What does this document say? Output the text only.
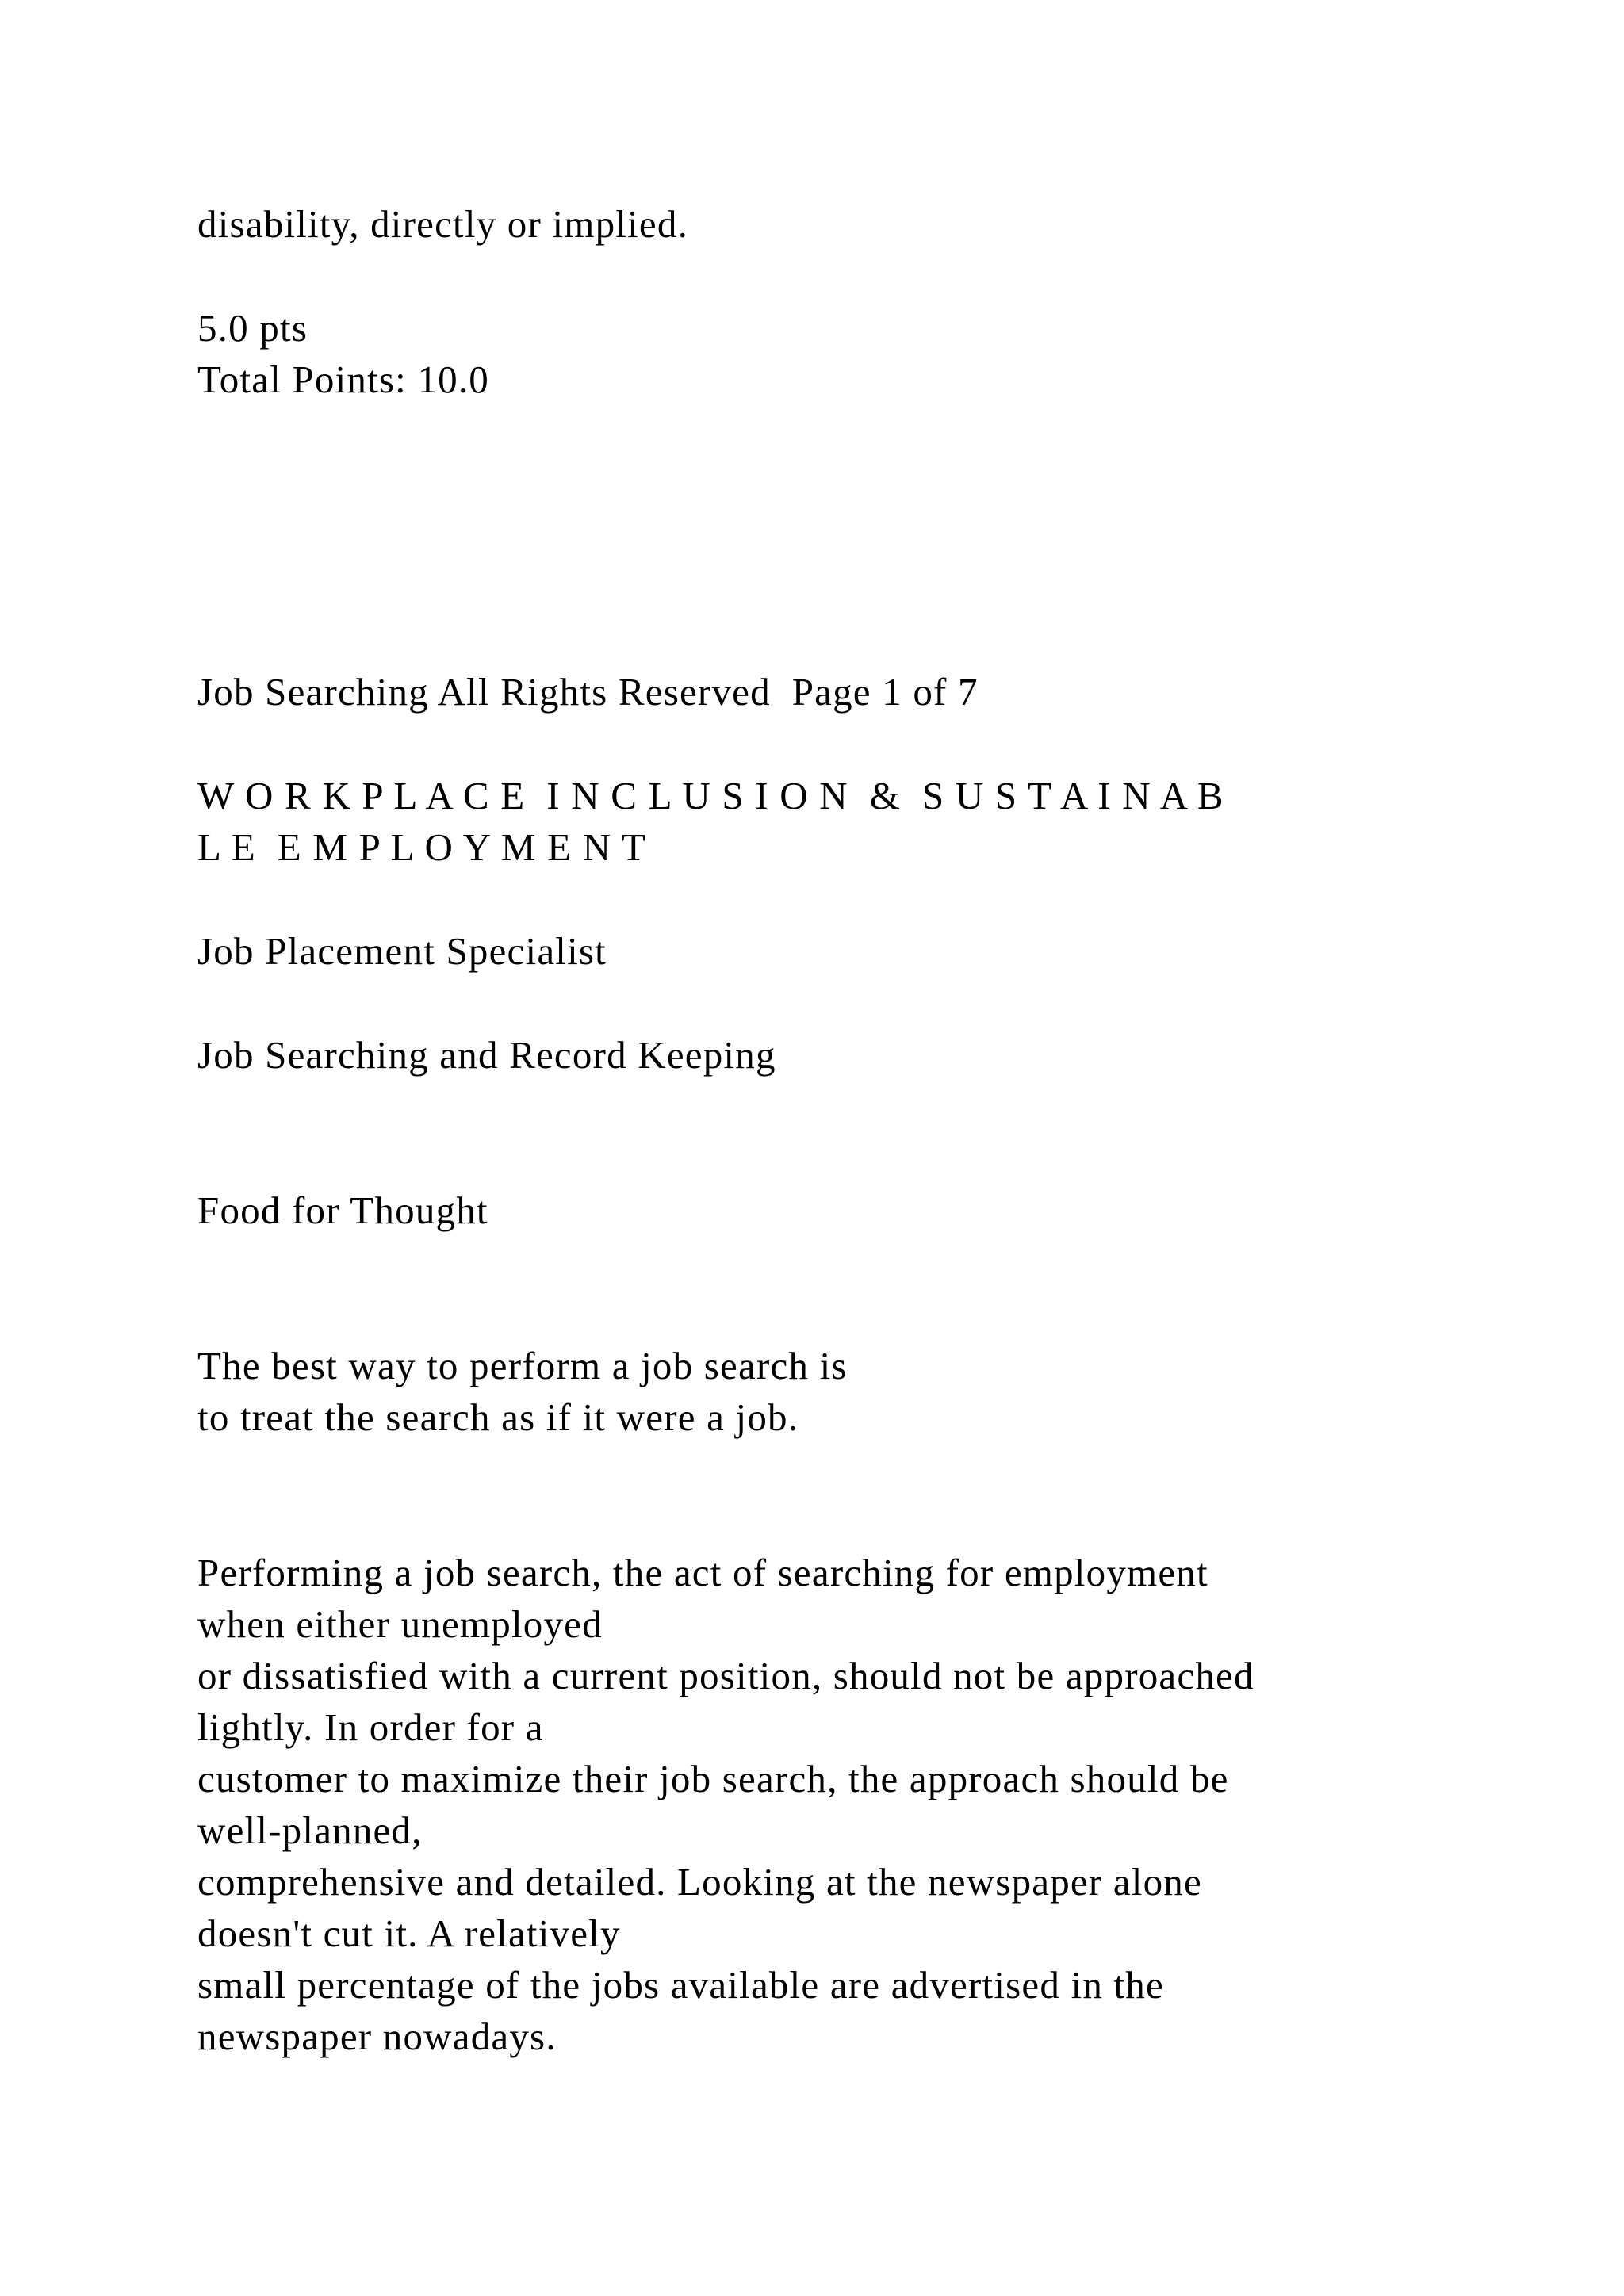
disability, directly or implied.
5.0 pts
Total Points: 10.0
Job Searching All Rights Reserved  Page 1 of 7
W O R K P L A C E  I N C L U S I O N  &  S U S T A I N A B
L E  E M P L O Y M E N T
Job Placement Specialist
Job Searching and Record Keeping
Food for Thought
The best way to perform a job search is
to treat the search as if it were a job.
Performing a job search, the act of searching for employment
when either unemployed
or dissatisfied with a current position, should not be approached
lightly. In order for a
customer to maximize their job search, the approach should be
well-planned,
comprehensive and detailed. Looking at the newspaper alone
doesn't cut it. A relatively
small percentage of the jobs available are advertised in the
newspaper nowadays.
